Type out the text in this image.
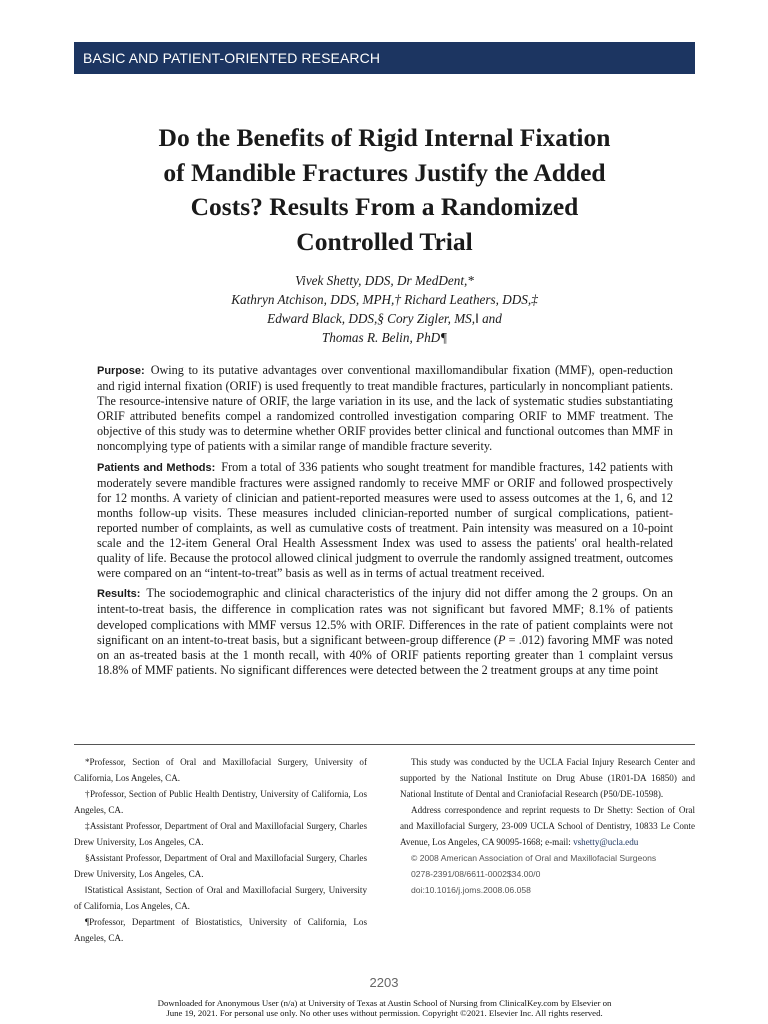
BASIC AND PATIENT-ORIENTED RESEARCH
Do the Benefits of Rigid Internal Fixation
of Mandible Fractures Justify the Added
Costs? Results From a Randomized
Controlled Trial
Vivek Shetty, DDS, Dr MedDent,*
Kathryn Atchison, DDS, MPH,† Richard Leathers, DDS,‡
Edward Black, DDS,§ Cory Zigler, MS,‖ and
Thomas R. Belin, PhD¶

Purpose: Owing to its putative advantages over conventional maxillomandibular fixation (MMF), open-reduction and rigid internal fixation (ORIF) is used frequently to treat mandible fractures, particularly in noncompliant patients. The resource-intensive nature of ORIF, the large variation in its use, and the lack of systematic studies substantiating ORIF attributed benefits compel a randomized controlled investigation comparing ORIF to MMF treatment. The objective of this study was to determine whether ORIF provides better clinical and functional outcomes than MMF in noncomplying type of patients with a similar range of mandible fracture severity.

Patients and Methods: From a total of 336 patients who sought treatment for mandible fractures, 142 patients with moderately severe mandible fractures were assigned randomly to receive MMF or ORIF and followed prospectively for 12 months. A variety of clinician and patient-reported measures were used to assess outcomes at the 1, 6, and 12 months follow-up visits. These measures included clinician-reported number of surgical complications, patient-reported number of complaints, as well as cumulative costs of treatment. Pain intensity was measured on a 10-point scale and the 12-item General Oral Health Assessment Index was used to assess the patients' oral health-related quality of life. Because the protocol allowed clinical judgment to overrule the randomly assigned treatment, outcomes were compared on an “intent-to-treat” basis as well as in terms of actual treatment received.

Results: The sociodemographic and clinical characteristics of the injury did not differ among the 2 groups. On an intent-to-treat basis, the difference in complication rates was not significant but favored MMF; 8.1% of patients developed complications with MMF versus 12.5% with ORIF. Differences in the rate of patient complaints were not significant on an intent-to-treat basis, but a significant between-group difference (P = .012) favoring MMF was noted on an as-treated basis at the 1 month recall, with 40% of ORIF patients reporting greater than 1 complaint versus 18.8% of MMF patients. No significant differences were detected between the 2 treatment groups at any time point

*Professor, Section of Oral and Maxillofacial Surgery, University of California, Los Angeles, CA.

†Professor, Section of Public Health Dentistry, University of California, Los Angeles, CA.

‡Assistant Professor, Department of Oral and Maxillofacial Surgery, Charles Drew University, Los Angeles, CA.

§Assistant Professor, Department of Oral and Maxillofacial Surgery, Charles Drew University, Los Angeles, CA.

‖Statistical Assistant, Section of Oral and Maxillofacial Surgery, University of California, Los Angeles, CA.

¶Professor, Department of Biostatistics, University of California, Los Angeles, CA.

This study was conducted by the UCLA Facial Injury Research Center and supported by the National Institute on Drug Abuse (1R01-DA 16850) and National Institute of Dental and Craniofacial Research (P50/DE-10598).

Address correspondence and reprint requests to Dr Shetty: Section of Oral and Maxillofacial Surgery, 23-009 UCLA School of Dentistry, 10833 Le Conte Avenue, Los Angeles, CA 90095-1668; e-mail: vshetty@ucla.edu

© 2008 American Association of Oral and Maxillofacial Surgeons

0278-2391/08/6611-0002$34.00/0

doi:10.1016/j.joms.2008.06.058

2203
Downloaded for Anonymous User (n/a) at University of Texas at Austin School of Nursing from ClinicalKey.com by Elsevier on
June 19, 2021. For personal use only. No other uses without permission. Copyright ©2021. Elsevier Inc. All rights reserved.
